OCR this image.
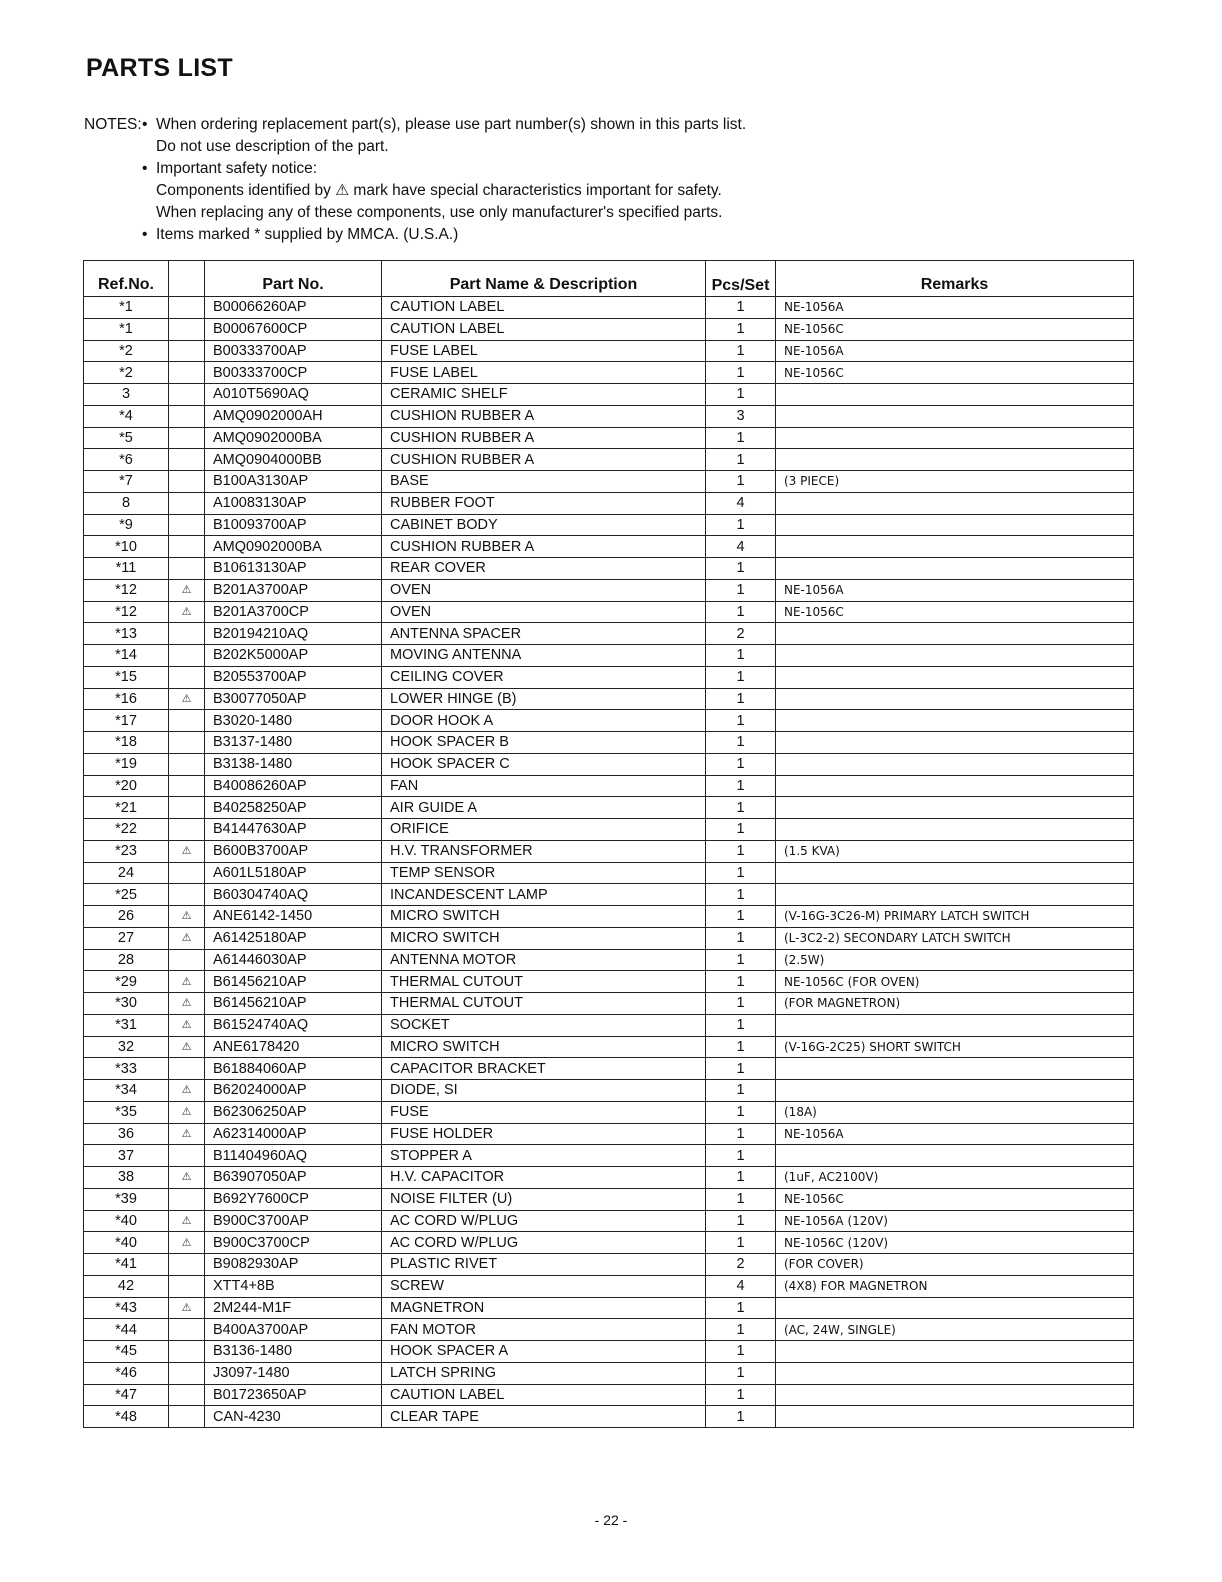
PARTS LIST
NOTES: • When ordering replacement part(s), please use part number(s) shown in this parts list.
Do not use description of the part.
• Important safety notice:
Components identified by ⚠ mark have special characteristics important for safety.
When replacing any of these components, use only manufacturer's specified parts.
• Items marked * supplied by MMCA. (U.S.A.)
Ref.No.		Part No.	Part Name & Description	Pcs/Set	Remarks
*1		B00066260AP	CAUTION LABEL	1	NE-1056A
*1		B00067600CP	CAUTION LABEL	1	NE-1056C
*2		B00333700AP	FUSE LABEL	1	NE-1056A
*2		B00333700CP	FUSE LABEL	1	NE-1056C
3		A010T5690AQ	CERAMIC SHELF	1	
*4		AMQ0902000AH	CUSHION RUBBER A	3	
*5		AMQ0902000BA	CUSHION RUBBER A	1	
*6		AMQ0904000BB	CUSHION RUBBER A	1	
*7		B100A3130AP	BASE	1	(3 PIECE)
8		A10083130AP	RUBBER FOOT	4	
*9		B10093700AP	CABINET BODY	1	
*10		AMQ0902000BA	CUSHION RUBBER A	4	
*11		B10613130AP	REAR COVER	1	
*12	⚠	B201A3700AP	OVEN	1	NE-1056A
*12	⚠	B201A3700CP	OVEN	1	NE-1056C
*13		B20194210AQ	ANTENNA SPACER	2	
*14		B202K5000AP	MOVING ANTENNA	1	
*15		B20553700AP	CEILING COVER	1	
*16	⚠	B30077050AP	LOWER HINGE (B)	1	
*17		B3020-1480	DOOR HOOK A	1	
*18		B3137-1480	HOOK SPACER B	1	
*19		B3138-1480	HOOK SPACER C	1	
*20		B40086260AP	FAN	1	
*21		B40258250AP	AIR GUIDE A	1	
*22		B41447630AP	ORIFICE	1	
*23	⚠	B600B3700AP	H.V. TRANSFORMER	1	(1.5 KVA)
24		A601L5180AP	TEMP SENSOR	1	
*25		B60304740AQ	INCANDESCENT LAMP	1	
26	⚠	ANE6142-1450	MICRO SWITCH	1	(V-16G-3C26-M) PRIMARY LATCH SWITCH
27	⚠	A61425180AP	MICRO SWITCH	1	(L-3C2-2) SECONDARY LATCH SWITCH
28		A61446030AP	ANTENNA MOTOR	1	(2.5W)
*29	⚠	B61456210AP	THERMAL CUTOUT	1	NE-1056C (FOR OVEN)
*30	⚠	B61456210AP	THERMAL CUTOUT	1	(FOR MAGNETRON)
*31	⚠	B61524740AQ	SOCKET	1	
32	⚠	ANE6178420	MICRO SWITCH	1	(V-16G-2C25) SHORT SWITCH
*33		B61884060AP	CAPACITOR BRACKET	1	
*34	⚠	B62024000AP	DIODE, SI	1	
*35	⚠	B62306250AP	FUSE	1	(18A)
36	⚠	A62314000AP	FUSE HOLDER	1	NE-1056A
37		B11404960AQ	STOPPER A	1	
38	⚠	B63907050AP	H.V. CAPACITOR	1	(1uF, AC2100V)
*39		B692Y7600CP	NOISE FILTER (U)	1	NE-1056C
*40	⚠	B900C3700AP	AC CORD W/PLUG	1	NE-1056A (120V)
*40	⚠	B900C3700CP	AC CORD W/PLUG	1	NE-1056C (120V)
*41		B9082930AP	PLASTIC RIVET	2	(FOR COVER)
42		XTT4+8B	SCREW	4	(4X8) FOR MAGNETRON
*43	⚠	2M244-M1F	MAGNETRON	1	
*44		B400A3700AP	FAN MOTOR	1	(AC, 24W, SINGLE)
*45		B3136-1480	HOOK SPACER A	1	
*46		J3097-1480	LATCH SPRING	1	
*47		B01723650AP	CAUTION LABEL	1	
*48		CAN-4230	CLEAR TAPE	1	
- 22 -
